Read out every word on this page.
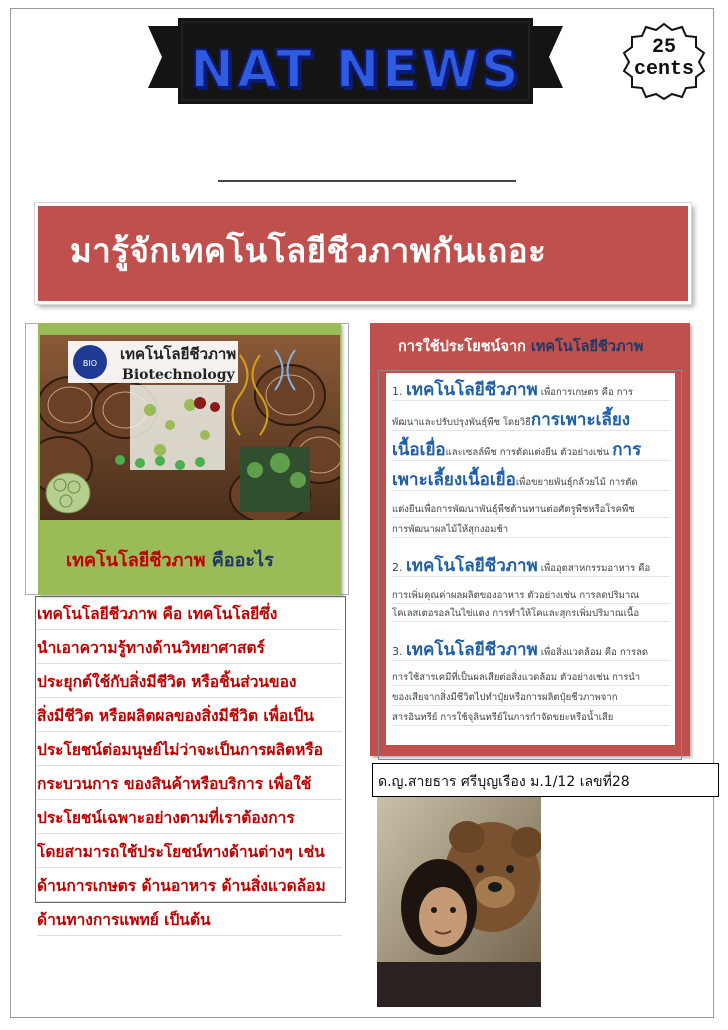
NAT NEWS	25
cents
มารู้จักเทคโนโลยีชีวภาพกันเถอะ
BIO
เทคโนโลยีชีวภาพ
Biotechnology

เทคโนโลยีชีวภาพ คืออะไร

เทคโนโลยีชีวภาพ คือ เทคโนโลยีซึ่ง
นำเอาความรู้ทางด้านวิทยาศาสตร์
ประยุกต์ใช้กับสิ่งมีชีวิต หรือชิ้นส่วนของ
สิ่งมีชีวิต หรือผลิตผลของสิ่งมีชีวิต เพื่อเป็น
ประโยชน์ต่อมนุษย์ไม่ว่าจะเป็นการผลิตหรือ
กระบวนการ ของสินค้าหรือบริการ เพื่อใช้
ประโยชน์เฉพาะอย่างตามที่เราต้องการ
โดยสามารถใช้ประโยชน์ทางด้านต่างๆ เช่น
ด้านการเกษตร ด้านอาหาร ด้านสิ่งแวดล้อม
ด้านทางการแพทย์ เป็นต้น

การใช้ประโยชน์จาก เทคโนโลยีชีวภาพ

1. เทคโนโลยีชีวภาพ เพื่อการเกษตร คือ การ
พัฒนาและปรับปรุงพันธุ์พืช โดยวิธีการเพาะเลี้ยง
เนื้อเยื่อและเซลล์พืช การตัดแต่งยีน ตัวอย่างเช่น การ
เพาะเลี้ยงเนื้อเยื่อเพื่อขยายพันธุ์กล้วยไม้ การตัด
แต่งยีนเพื่อการพัฒนาพันธุ์พืชต้านทานต่อศัตรูพืชหรือโรคพืช
การพัฒนาผลไม้ให้สุกงอมช้า
2. เทคโนโลยีชีวภาพ เพื่ออุตสาหกรรมอาหาร คือ
การเพิ่มคุณค่าผลผลิตของอาหาร ตัวอย่างเช่น การลดปริมาณ
โคเลสเตอรอลในไข่แดง การทำให้โคและสุกรเพิ่มปริมาณเนื้อ
3. เทคโนโลยีชีวภาพ เพื่อสิ่งแวดล้อม คือ การลด
การใช้สารเคมีที่เป็นผลเสียต่อสิ่งแวดล้อม ตัวอย่างเช่น การนำ
ของเสียจากสิ่งมีชีวิตไปทำปุ๋ยหรือการผลิตปุ๋ยชีวภาพจาก
สารอินทรีย์ การใช้จุลินทรีย์ในการกำจัดขยะหรือน้ำเสีย

ด.ญ.สายธาร ศรีบุญเรือง ม.1/12 เลขที่28
